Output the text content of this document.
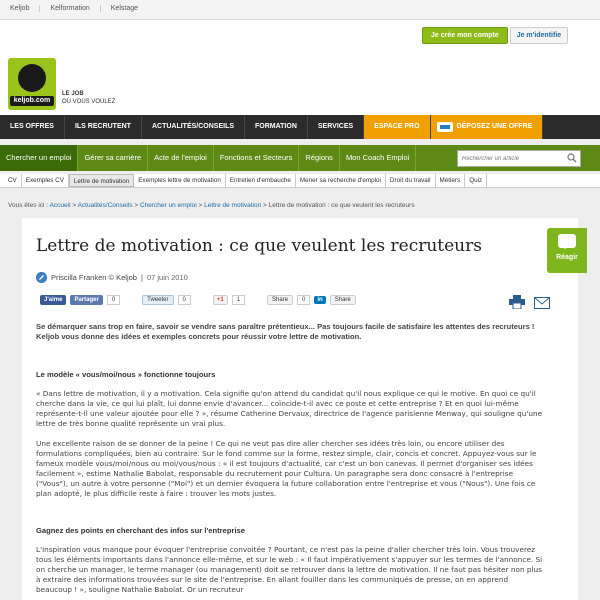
Keljob	Kelformation	Kelstage
keljob.com
LE JOB
OÙ VOUS VOULEZ
Je crée mon compte	Je m'identifie
LES OFFRES	ILS RECRUTENT	ACTUALITÉS/CONSEILS	FORMATION	SERVICES	ESPACE PRO	DÉPOSEZ UNE OFFRE
Chercher un emploi	Gérer sa carrière	Acte de l'emploi	Fonctions et Secteurs	Régions	Mon Coach Emploi
Rechercher un article
CV	Exemples CV	Lettre de motivation	Exemples lettre de motivation	Entretien d'embauche	Mener sa recherche d'emploi	Droit du travail	Métiers	Quiz
Vous êtes ici : Accueil > Actualités/Conseils > Chercher un emploi > Lettre de motivation > Lettre de motivation : ce que veulent les recruteurs
Lettre de motivation : ce que veulent les recruteurs
Priscilla Franken © Keljob | 07 juin 2010
J'aime	Partager	0	Tweeter	0	+1	1	Share	0	in	Share
Se démarquer sans trop en faire, savoir se vendre sans paraître prétentieux... Pas toujours facile de satisfaire les attentes des recruteurs ! Keljob vous donne des idées et exemples concrets pour réussir votre lettre de motivation.
Le modèle « vous/moi/nous » fonctionne toujours
« Dans lettre de motivation, il y a motivation. Cela signifie qu'on attend du candidat qu'il nous explique ce qui le motive. En quoi ce qu'il cherche dans la vie, ce qui lui plaît, lui donne envie d'avancer... coïncide-t-il avec ce poste et cette entreprise ? Et en quoi lui-même représente-t-il une valeur ajoutée pour elle ? », résume Catherine Dervaux, directrice de l'agence parisienne Menway, qui souligne qu'une lettre de très bonne qualité représente un vrai plus.
Une excellente raison de se donner de la peine ! Ce qui ne veut pas dire aller chercher ses idées très loin, ou encore utiliser des formulations compliquées, bien au contraire. Sur le fond comme sur la forme, restez simple, clair, concis et concret. Appuyez-vous sur le fameux modèle vous/moi/nous ou moi/vous/nous : « il est toujours d'actualité, car c'est un bon canevas. Il permet d'organiser ses idées facilement », estime Nathalie Babolat, responsable du recrutement pour Cultura. Un paragraphe sera donc consacré à l'entreprise ("Vous"), un autre à votre personne ("Moi") et un dernier évoquera la future collaboration entre l'entreprise et vous ("Nous"). Une fois ce plan adopté, le plus difficile reste à faire : trouver les mots justes.
Gagnez des points en cherchant des infos sur l'entreprise
L'inspiration vous manque pour évoquer l'entreprise convoitée ? Pourtant, ce n'est pas la peine d'aller chercher très loin. Vous trouverez tous les éléments importants dans l'annonce elle-même, et sur le web : « Il faut impérativement s'appuyer sur les termes de l'annonce. Si on cherche un manager, le terme manager (ou management) doit se retrouver dans la lettre de motivation. Il ne faut pas hésiter non plus à extraire des informations trouvées sur le site de l'entreprise. En allant fouiller dans les communiqués de presse, on en apprend beaucoup ! », souligne Nathalie Babolat. Or un recruteur
Réagir
